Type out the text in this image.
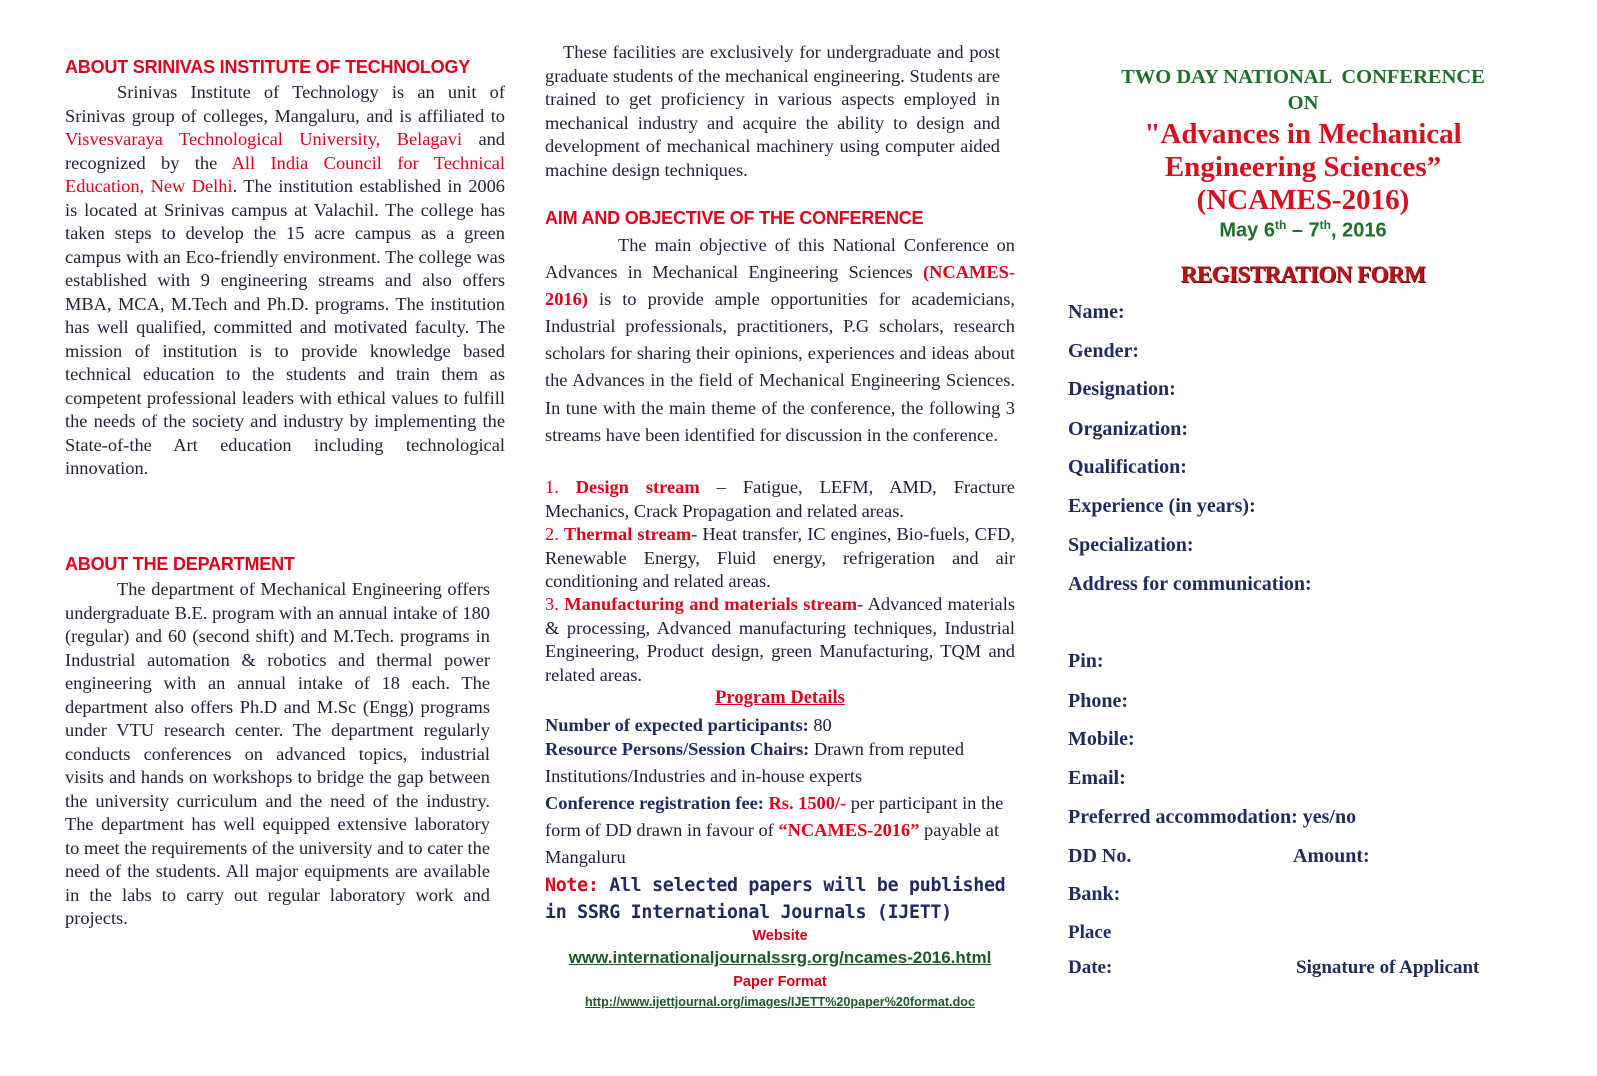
ABOUT SRINIVAS INSTITUTE OF TECHNOLOGY
Srinivas Institute of Technology is an unit of Srinivas group of colleges, Mangaluru, and is affiliated to Visvesvaraya Technological University, Belagavi and recognized by the All India Council for Technical Education, New Delhi. The institution established in 2006 is located at Srinivas campus at Valachil. The college has taken steps to develop the 15 acre campus as a green campus with an Eco-friendly environment. The college was established with 9 engineering streams and also offers MBA, MCA, M.Tech and Ph.D. programs. The institution has well qualified, committed and motivated faculty. The mission of institution is to provide knowledge based technical education to the students and train them as competent professional leaders with ethical values to fulfill the needs of the society and industry by implementing the State-of-the Art education including technological innovation.
ABOUT THE DEPARTMENT
The department of Mechanical Engineering offers undergraduate B.E. program with an annual intake of 180 (regular) and 60 (second shift) and M.Tech. programs in Industrial automation & robotics and thermal power engineering with an annual intake of 18 each. The department also offers Ph.D and M.Sc (Engg) programs under VTU research center. The department regularly conducts conferences on advanced topics, industrial visits and hands on workshops to bridge the gap between the university curriculum and the need of the industry. The department has well equipped extensive laboratory to meet the requirements of the university and to cater the need of the students. All major equipments are available in the labs to carry out regular laboratory work and projects.
These facilities are exclusively for undergraduate and post graduate students of the mechanical engineering. Students are trained to get proficiency in various aspects employed in mechanical industry and acquire the ability to design and development of mechanical machinery using computer aided machine design techniques.
AIM AND OBJECTIVE OF THE CONFERENCE
The main objective of this National Conference on Advances in Mechanical Engineering Sciences (NCAMES-2016) is to provide ample opportunities for academicians, Industrial professionals, practitioners, P.G scholars, research scholars for sharing their opinions, experiences and ideas about the Advances in the field of Mechanical Engineering Sciences. In tune with the main theme of the conference, the following 3 streams have been identified for discussion in the conference.
1. Design stream – Fatigue, LEFM, AMD, Fracture Mechanics, Crack Propagation and related areas.
2. Thermal stream- Heat transfer, IC engines, Bio-fuels, CFD, Renewable Energy, Fluid energy, refrigeration and air conditioning and related areas.
3. Manufacturing and materials stream- Advanced materials & processing, Advanced manufacturing techniques, Industrial Engineering, Product design, green Manufacturing, TQM and related areas.
Program Details
Number of expected participants: 80
Resource Persons/Session Chairs: Drawn from reputed Institutions/Industries and in-house experts
Conference registration fee: Rs. 1500/- per participant in the form of DD drawn in favour of “NCAMES-2016” payable at Mangaluru
Note: All selected papers will be published in SSRG International Journals (IJETT)
Website
www.internationaljournalssrg.org/ncames-2016.html
Paper Format
http://www.ijettjournal.org/images/IJETT%20paper%20format.doc
TWO DAY NATIONAL  CONFERENCE
ON
"Advances in Mechanical
Engineering Sciences”
(NCAMES-2016)
May 6th – 7th, 2016
REGISTRATION FORM
Name:
Gender:
Designation:
Organization:
Qualification:
Experience (in years):
Specialization:
Address for communication:
Pin:
Phone:
Mobile:
Email:
Preferred accommodation: yes/no
DD No.	Amount:
Bank:
Place
Date:	Signature of Applicant
